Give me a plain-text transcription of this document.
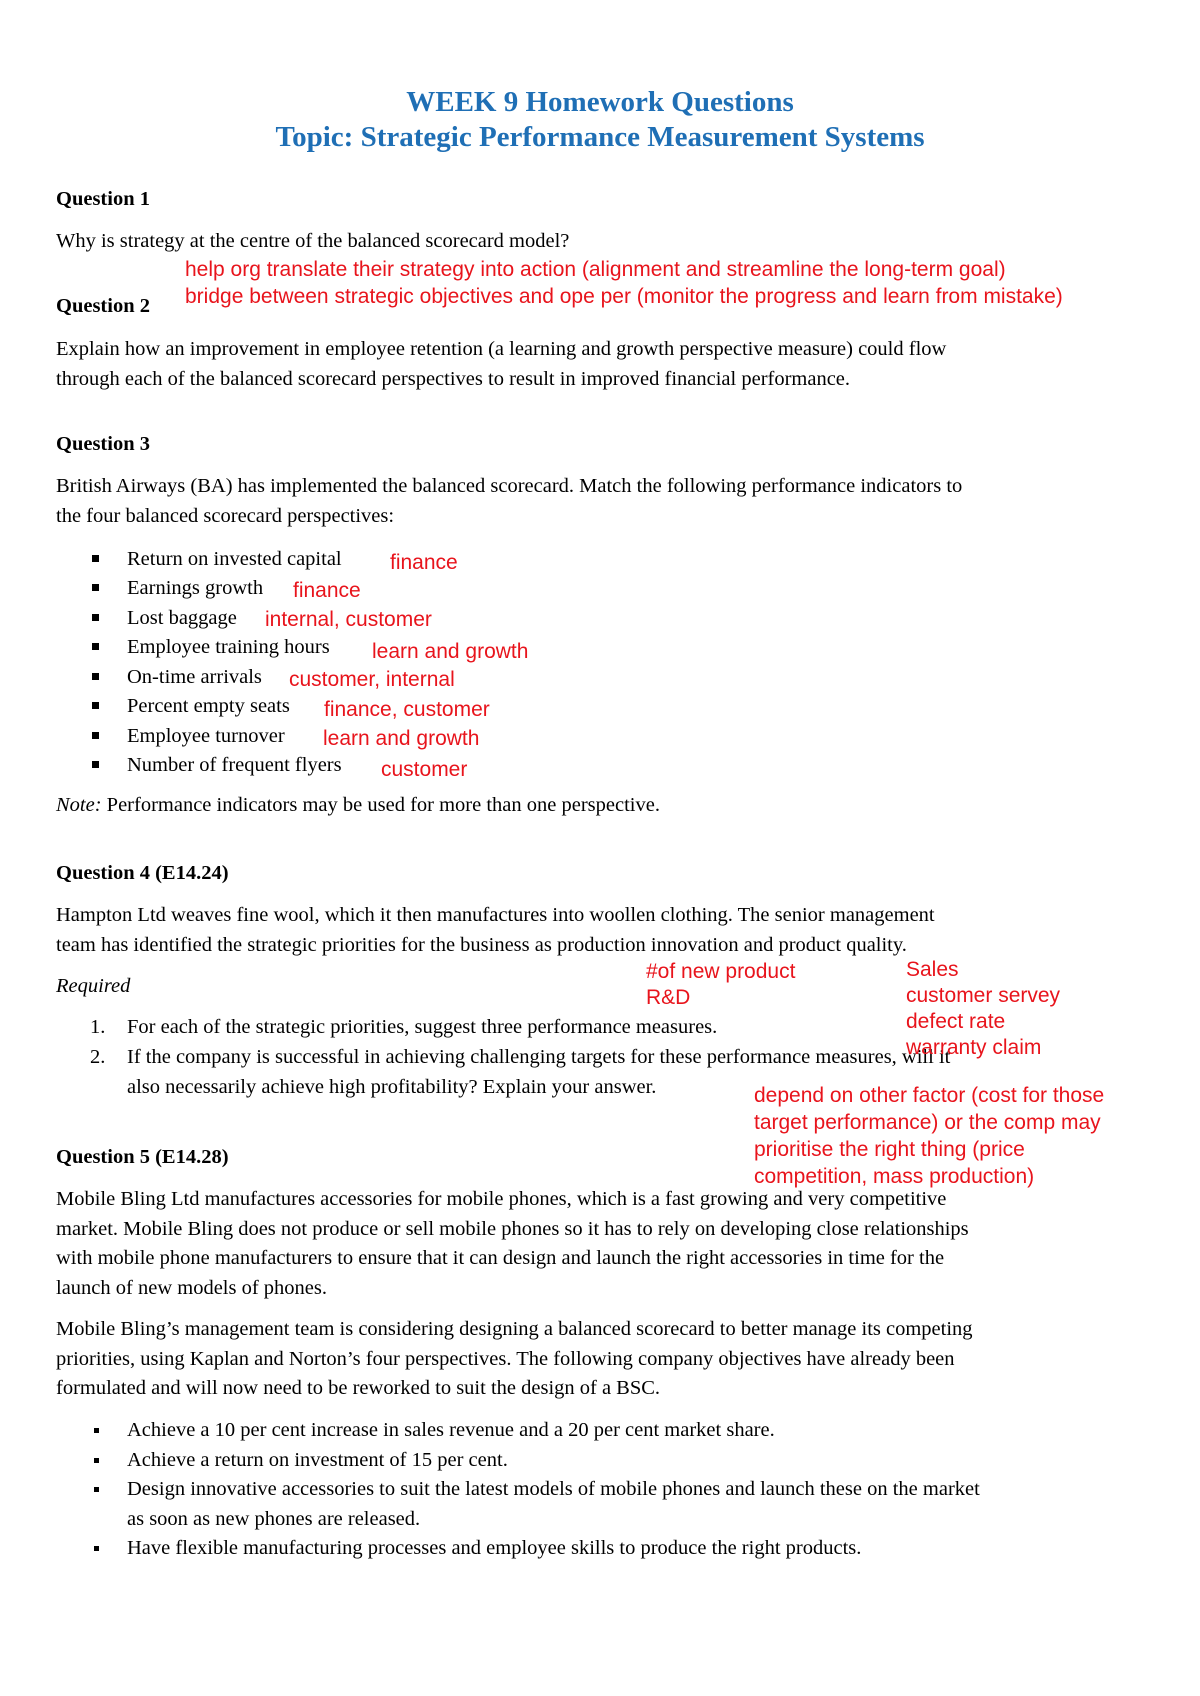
WEEK 9 Homework Questions
Topic: Strategic Performance Measurement Systems
Question 1
Why is strategy at the centre of the balanced scorecard model?
help org translate their strategy into action (alignment and streamline the long-term goal)
bridge between strategic objectives and ope per (monitor the progress and learn from mistake)
Question 2
Explain how an improvement in employee retention (a learning and growth perspective measure) could flow
through each of the balanced scorecard perspectives to result in improved financial performance.
Question 3
British Airways (BA) has implemented the balanced scorecard. Match the following performance indicators to
the four balanced scorecard perspectives:
Return on invested capital finance
Earnings growth finance
Lost baggage internal, customer
Employee training hours learn and growth
On-time arrivals customer, internal
Percent empty seats finance, customer
Employee turnover learn and growth
Number of frequent flyers customer
Note: Performance indicators may be used for more than one perspective.
Question 4 (E14.24)
Hampton Ltd weaves fine wool, which it then manufactures into woollen clothing. The senior management
team has identified the strategic priorities for the business as production innovation and product quality.
Required
1. For each of the strategic priorities, suggest three performance measures.
2. If the company is successful in achieving challenging targets for these performance measures, will it
also necessarily achieve high profitability? Explain your answer.
#of new product
R&D
Sales
customer servey
defect rate
warranty claim
depend on other factor (cost for those
target performance) or the comp may
prioritise the right thing (price
competition, mass production)
Question 5 (E14.28)
Mobile Bling Ltd manufactures accessories for mobile phones, which is a fast growing and very competitive
market. Mobile Bling does not produce or sell mobile phones so it has to rely on developing close relationships
with mobile phone manufacturers to ensure that it can design and launch the right accessories in time for the
launch of new models of phones.
Mobile Bling’s management team is considering designing a balanced scorecard to better manage its competing
priorities, using Kaplan and Norton’s four perspectives. The following company objectives have already been
formulated and will now need to be reworked to suit the design of a BSC.
Achieve a 10 per cent increase in sales revenue and a 20 per cent market share.
Achieve a return on investment of 15 per cent.
Design innovative accessories to suit the latest models of mobile phones and launch these on the market
as soon as new phones are released.
Have flexible manufacturing processes and employee skills to produce the right products.
